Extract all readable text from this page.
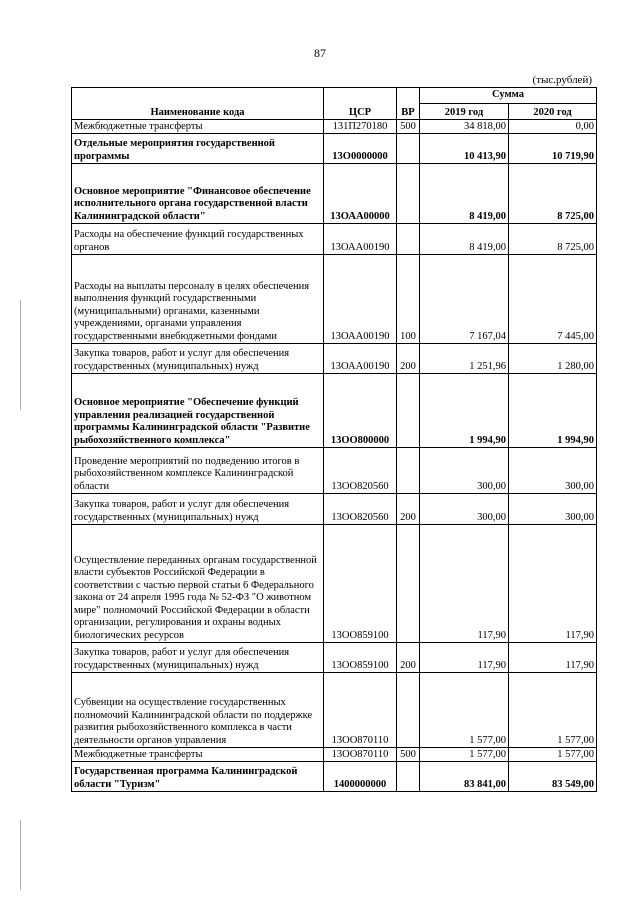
87
(тыс.рублей)
Наименование кода	ЦСР	ВР	Сумма	
			2019 год	2020 год
Межбюджетные трансферты	131П270180	500	34 818,00	0,00
Отдельные мероприятия государственной программы	13О0000000		10 413,90	10 719,90
Основное мероприятие "Финансовое обеспечение исполнительного органа государственной власти Калининградской области"	13ОАА00000		8 419,00	8 725,00
Расходы на обеспечение функций государственных органов	13ОАА00190		8 419,00	8 725,00
Расходы на выплаты персоналу в целях обеспечения выполнения функций государственными (муниципальными) органами, казенными учреждениями, органами управления государственными внебюджетными фондами	13ОАА00190	100	7 167,04	7 445,00
Закупка товаров, работ и услуг для обеспечения государственных (муниципальных) нужд	13ОАА00190	200	1 251,96	1 280,00
Основное мероприятие "Обеспечение функций управления реализацией государственной программы Калининградской области "Развитие рыбохозяйственного комплекса"	13ОО800000		1 994,90	1 994,90
Проведение мероприятий по подведению итогов в рыбохозяйственном комплексе Калининградской области	13ОО820560		300,00	300,00
Закупка товаров, работ и услуг для обеспечения государственных (муниципальных) нужд	13ОО820560	200	300,00	300,00
Осуществление переданных органам государственной власти субъектов Российской Федерации в соответствии с частью первой статьи 6 Федерального закона от 24 апреля 1995 года № 52-ФЗ "О животном мире" полномочий Российской Федерации в области организации, регулирования и охраны водных биологических ресурсов	13ОО859100		117,90	117,90
Закупка товаров, работ и услуг для обеспечения государственных (муниципальных) нужд	13ОО859100	200	117,90	117,90
Субвенции на осуществление государственных полномочий Калининградской области по поддержке развития рыбохозяйственного комплекса в части деятельности органов управления	13ОО870110		1 577,00	1 577,00
Межбюджетные трансферты	13ОО870110	500	1 577,00	1 577,00
Государственная программа Калининградской области "Туризм"	1400000000		83 841,00	83 549,00
